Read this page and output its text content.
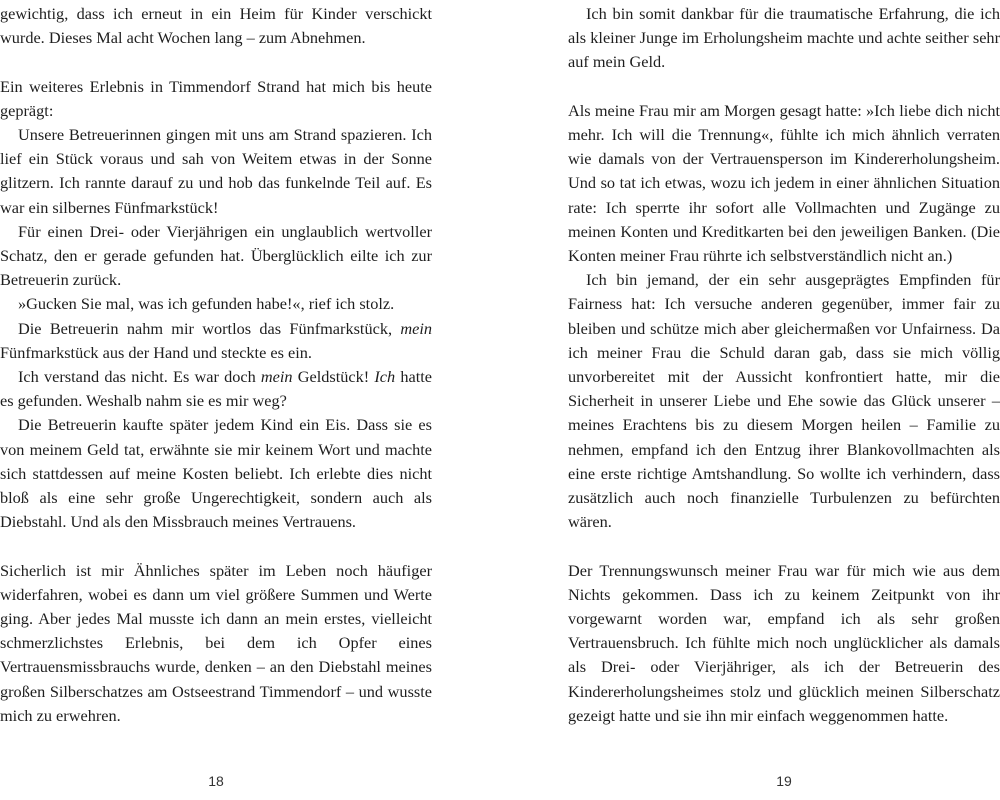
gewichtig, dass ich erneut in ein Heim für Kinder verschickt wurde. Dieses Mal acht Wochen lang – zum Abnehmen.

Ein weiteres Erlebnis in Timmendorf Strand hat mich bis heute geprägt:

Unsere Betreuerinnen gingen mit uns am Strand spazieren. Ich lief ein Stück voraus und sah von Weitem etwas in der Sonne glitzern. Ich rannte darauf zu und hob das funkelnde Teil auf. Es war ein silbernes Fünfmarkstück!

Für einen Drei- oder Vierjährigen ein unglaublich wertvoller Schatz, den er gerade gefunden hat. Überglücklich eilte ich zur Betreuerin zurück.

»Gucken Sie mal, was ich gefunden habe!«, rief ich stolz.

Die Betreuerin nahm mir wortlos das Fünfmarkstück, mein Fünfmarkstück aus der Hand und steckte es ein.

Ich verstand das nicht. Es war doch mein Geldstück! Ich hatte es gefunden. Weshalb nahm sie es mir weg?

Die Betreuerin kaufte später jedem Kind ein Eis. Dass sie es von meinem Geld tat, erwähnte sie mir keinem Wort und machte sich stattdessen auf meine Kosten beliebt. Ich erlebte dies nicht bloß als eine sehr große Ungerechtigkeit, sondern auch als Diebstahl. Und als den Missbrauch meines Vertrauens.

Sicherlich ist mir Ähnliches später im Leben noch häufiger widerfahren, wobei es dann um viel größere Summen und Werte ging. Aber jedes Mal musste ich dann an mein erstes, vielleicht schmerzlichstes Erlebnis, bei dem ich Opfer eines Vertrauensmissbrauchs wurde, denken – an den Diebstahl meines großen Silberschatzes am Ostseestrand Timmendorf – und wusste mich zu erwehren.

18

Ich bin somit dankbar für die traumatische Erfahrung, die ich als kleiner Junge im Erholungsheim machte und achte seither sehr auf mein Geld.

Als meine Frau mir am Morgen gesagt hatte: »Ich liebe dich nicht mehr. Ich will die Trennung«, fühlte ich mich ähnlich verraten wie damals von der Vertrauensperson im Kindererholungsheim. Und so tat ich etwas, wozu ich jedem in einer ähnlichen Situation rate: Ich sperrte ihr sofort alle Vollmachten und Zugänge zu meinen Konten und Kreditkarten bei den jeweiligen Banken. (Die Konten meiner Frau rührte ich selbstverständlich nicht an.)

Ich bin jemand, der ein sehr ausgeprägtes Empfinden für Fairness hat: Ich versuche anderen gegenüber, immer fair zu bleiben und schütze mich aber gleichermaßen vor Unfairness. Da ich meiner Frau die Schuld daran gab, dass sie mich völlig unvorbereitet mit der Aussicht konfrontiert hatte, mir die Sicherheit in unserer Liebe und Ehe sowie das Glück unserer – meines Erachtens bis zu diesem Morgen heilen – Familie zu nehmen, empfand ich den Entzug ihrer Blankovollmachten als eine erste richtige Amtshandlung. So wollte ich verhindern, dass zusätzlich auch noch finanzielle Turbulenzen zu befürchten wären.

Der Trennungswunsch meiner Frau war für mich wie aus dem Nichts gekommen. Dass ich zu keinem Zeitpunkt von ihr vorgewarnt worden war, empfand ich als sehr großen Vertrauensbruch. Ich fühlte mich noch unglücklicher als damals als Drei- oder Vierjähriger, als ich der Betreuerin des Kindererholungsheimes stolz und glücklich meinen Silberschatz gezeigt hatte und sie ihn mir einfach weggenommen hatte.

19
